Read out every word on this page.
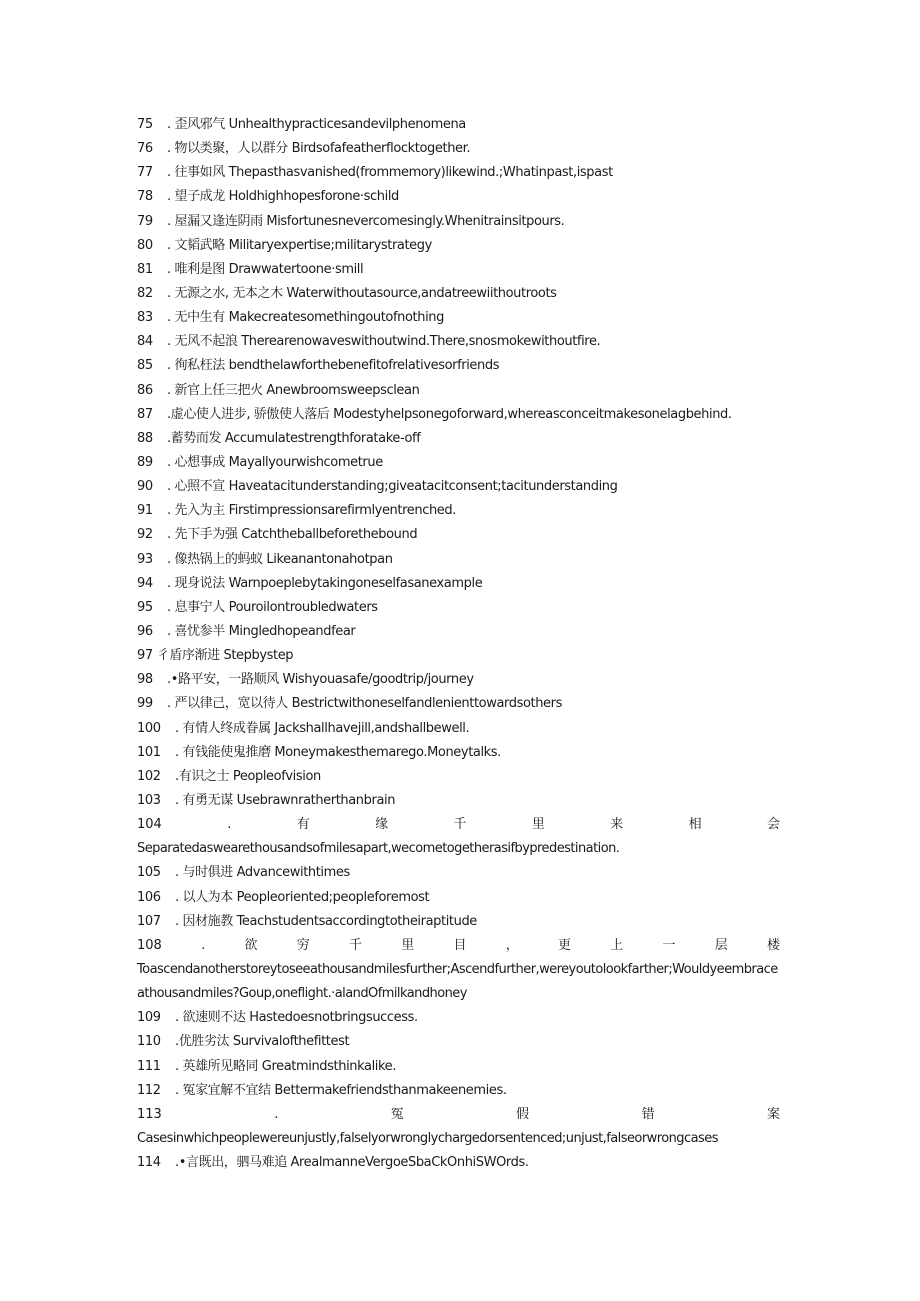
75 . 歪风邪气 Unhealthypracticesandevilphenomena
76 . 物以类聚，人以群分 Birdsofafeatherflocktogether.
77 . 往事如风 Thepasthasvanished(frommemory)likewind.;Whatinpast,ispast
78 . 望子成龙 Holdhighhopesforone·schild
79 . 屋漏又逢连阴雨 Misfortunesnevercomesingly.Whenitrainsitpours.
80 . 文韬武略 Militaryexpertise;militarystrategy
81 . 唯利是图 Drawwatertoone·smill
82 . 无源之水, 无本之木 Waterwithoutasource,andatreewiithoutroots
83 . 无中生有 Makecreatesomethingoutofnothing
84 . 无风不起浪 Therearenowaveswithoutwind.There,snosmokewithoutfire.
85 . 徇私枉法 bendthelawforthebenefitofrelativesorfriends
86 . 新官上任三把火 Anewbroomsweepsclean
87 .虚心使人进步, 骄傲使人落后 Modestyhelpsonegoforward,whereasconceitmakesonelagbehind.
88 .蓄势而发 Accumulatestrengthforatake-off
89 . 心想事成 Mayallyourwishcometrue
90 . 心照不宣 Haveatacitunderstanding;giveatacitconsent;tacitunderstanding
91 . 先入为主 Firstimpressionsarefirmlyentrenched.
92 . 先下手为强 Catchtheballbeforethebound
93 . 像热锅上的蚂蚁 Likeanantonahotpan
94 . 现身说法 Warnpoeplebytakingoneselfasanexample
95 . 息事宁人 Pouroilontroubledwaters
96 . 喜忧参半 Mingledhopeandfear
97 彳盾序渐进 Stepbystep
98 .•路平安，一路顺风 Wishyouasafe/goodtrip/journey
99 . 严以律己，宽以待人 Bestrictwithoneselfandlenienttowardsothers
100 . 有情人终成眷属 Jackshallhavejill,andshallbewell.
101 . 有钱能使鬼推磨 Moneymakesthemarego.Moneytalks.
102 .有识之士 Peopleofvision
103 . 有勇无谋 Usebrawnratherthanbrain
104	.	有	缘	千	里	来	相	会
Separatedaswearethousandsofmilesapart,wecometogetherasifbypredestination.
105 . 与时俱进 Advancewithtimes
106 . 以人为本 Peopleoriented;peopleforemost
107 . 因材施教 Teachstudentsaccordingtotheiraptitude
108	.	欲	穷	千	里	目	，	更	上	一	层	楼
Toascendanotherstoreytoseeathousandmilesfurther;Ascendfurther,wereyoutolookfarther;Wouldyeembraceathousandmiles?Goup,oneflight.·alandOfmilkandhoney
109 . 欲速则不达 Hastedoesnotbringsuccess.
110 .优胜劣汰 Survivalofthefittest
111 . 英雄所见略同 Greatmindsthinkalike.
112 . 冤家宜解不宜结 Bettermakefriendsthanmakeenemies.
113	.	冤	假	错	案
Casesinwhichpeoplewereunjustly,falselyorwronglychargedorsentenced;unjust,falseorwrongcases
114 .•言既出，驷马难追 ArealmanneVergoeSbaCkOnhiSWOrds.
